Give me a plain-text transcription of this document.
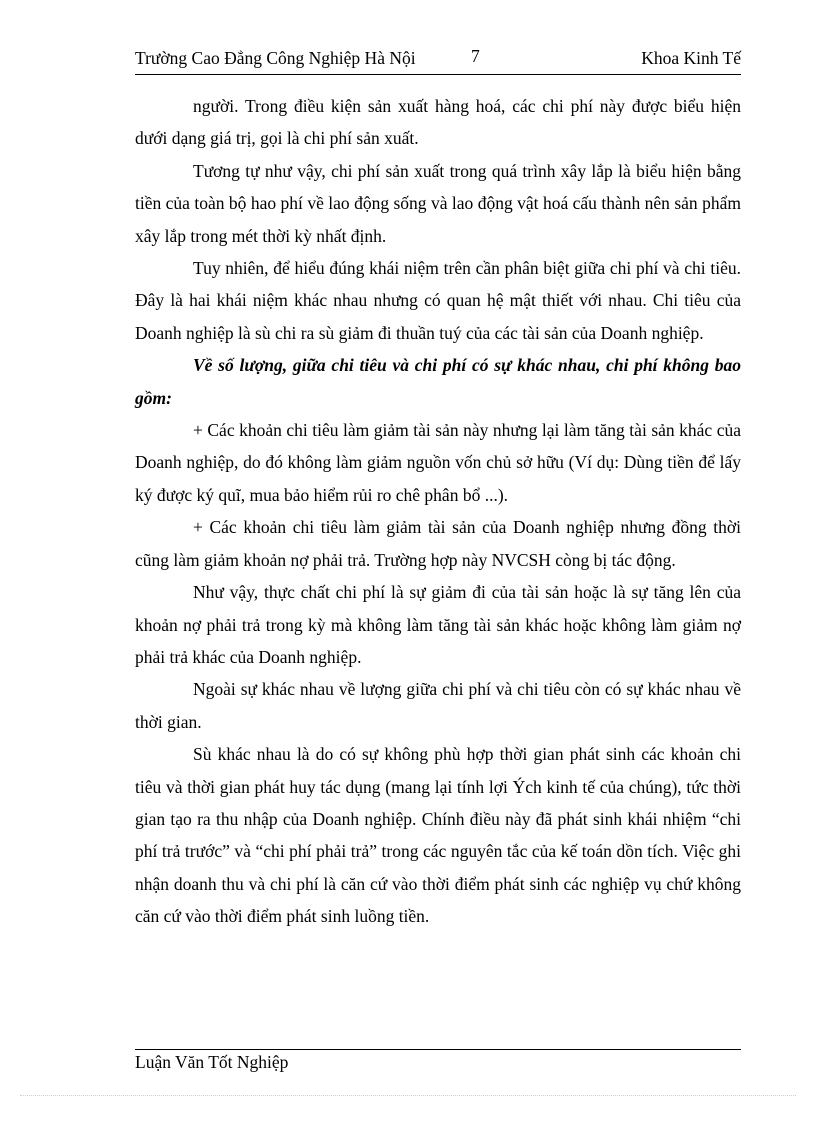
Trường Cao Đẳng Công Nghiệp Hà Nội	7	Khoa Kinh Tế

người. Trong điều kiện sản xuất hàng hoá, các chi phí này được biểu hiện dưới dạng giá trị, gọi là chi phí sản xuất.

Tương tự như vậy, chi phí sản xuất trong quá trình xây lắp là biểu hiện bằng tiền của toàn bộ hao phí về lao động sống và lao động vật hoá cấu thành nên sản phẩm xây lắp trong mét thời kỳ nhất định.

Tuy nhiên, để hiểu đúng khái niệm trên cần phân biệt giữa chi phí và chi tiêu. Đây là hai khái niệm khác nhau nhưng có quan hệ mật thiết với nhau. Chi tiêu của Doanh nghiệp là sù chi ra sù giảm đi thuần tuý của các tài sản của Doanh nghiệp.

Về số lượng, giữa chi tiêu và chi phí có sự khác nhau, chi phí không bao gồm:

+ Các khoản chi tiêu làm giảm tài sản này nhưng lại làm tăng tài sản khác của Doanh nghiệp, do đó không làm giảm nguồn vốn chủ sở hữu (Ví dụ: Dùng tiền để lấy ký được ký quĩ, mua bảo hiểm rủi ro chê phân bổ ...).

+ Các khoản chi tiêu làm giảm tài sản của Doanh nghiệp nhưng đồng thời cũng làm giảm khoản nợ phải trả. Trường hợp này NVCSH còng bị tác động.

Như vậy, thực chất chi phí là sự giảm đi của tài sản hoặc là sự tăng lên của khoản nợ phải trả trong kỳ mà không làm tăng tài sản khác hoặc không làm giảm nợ phải trả khác của Doanh nghiệp.

Ngoài sự khác nhau về lượng giữa chi phí và chi tiêu còn có sự khác nhau về thời gian.

Sù khác nhau là do có sự không phù hợp thời gian phát sinh các khoản chi tiêu và thời gian phát huy tác dụng (mang lại tính lợi Ých kinh tế của chúng), tức thời gian tạo ra thu nhập của Doanh nghiệp. Chính điều này đã phát sinh khái nhiệm “chi phí trả trước” và “chi phí phải trả” trong các nguyên tắc của kế toán dồn tích. Việc ghi nhận doanh thu và chi phí là căn cứ vào thời điểm phát sinh các nghiệp vụ chứ không căn cứ vào thời điểm phát sinh luồng tiền.

Luận Văn Tốt Nghiệp
